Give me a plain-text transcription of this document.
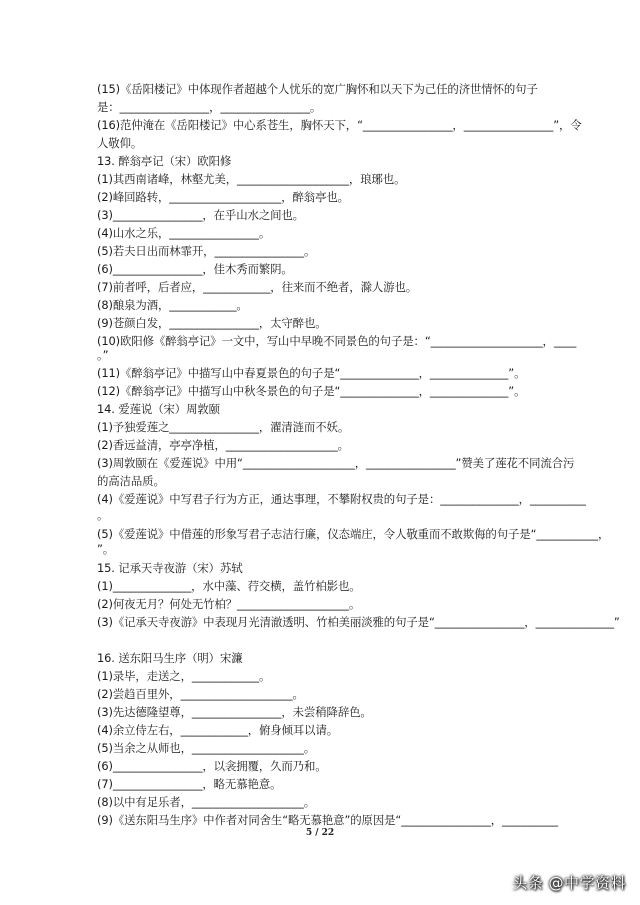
(15)《岳阳楼记》中体现作者超越个人忧乐的宽广胸怀和以天下为己任的济世情怀的句子
是：________________，________________。
(16)范仲淹在《岳阳楼记》中心系苍生，胸怀天下，“________________，________________”，令
人敬仰。
13. 醉翁亭记（宋）欧阳修
(1)其西南诸峰，林壑尤美，____________________，琅琊也。
(2)峰回路转，____________________，醉翁亭也。
(3)________________，在乎山水之间也。
(4)山水之乐，________________。
(5)若夫日出而林霏开，________________。
(6)________________，佳木秀而繁阴。
(7)前者呼，后者应，____________，往来而不绝者，滁人游也。
(8)酿泉为酒，____________。
(9)苍颜白发，________________，太守醉也。
(10)欧阳修《醉翁亭记》一文中，写山中早晚不同景色的句子是：“____________________，____
。”
(11)《醉翁亭记》中描写山中春夏景色的句子是“______________，______________”。
(12)《醉翁亭记》中描写山中秋冬景色的句子是“______________，______________”。
14. 爱莲说（宋）周敦颐
(1)予独爱莲之________________，濯清涟而不妖。
(2)香远益清，亭亭净植，____________________。
(3)周敦颐在《爱莲说》中用“____________________，________________”赞美了莲花不同流合污
的高洁品质。
(4)《爱莲说》中写君子行为方正，通达事理，不攀附权贵的句子是：______________，__________
。
(5)《爱莲说》中借莲的形象写君子志洁行廉，仪态端庄，令人敬重而不敢欺侮的句子是“___________，
”。
15. 记承天寺夜游（宋）苏轼
(1)______________，水中藻、荇交横，盖竹柏影也。
(2)何夜无月？何处无竹柏？____________________。
(3)《记承天寺夜游》中表现月光清澈透明、竹柏美丽淡雅的句子是“________________，______________”
16. 送东阳马生序（明）宋濂
(1)录毕，走送之，____________。
(2)尝趋百里外，____________________。
(3)先达德隆望尊，________________，未尝稍降辞色。
(4)余立侍左右，____________，俯身倾耳以请。
(5)当余之从师也，____________________。
(6)________________，以衾拥覆，久而乃和。
(7)________________，略无慕艳意。
(8)以中有足乐者，____________________。
(9)《送东阳马生序》中作者对同舍生“略无慕艳意”的原因是“________________，__________
5 / 22
头条 @中学资料
